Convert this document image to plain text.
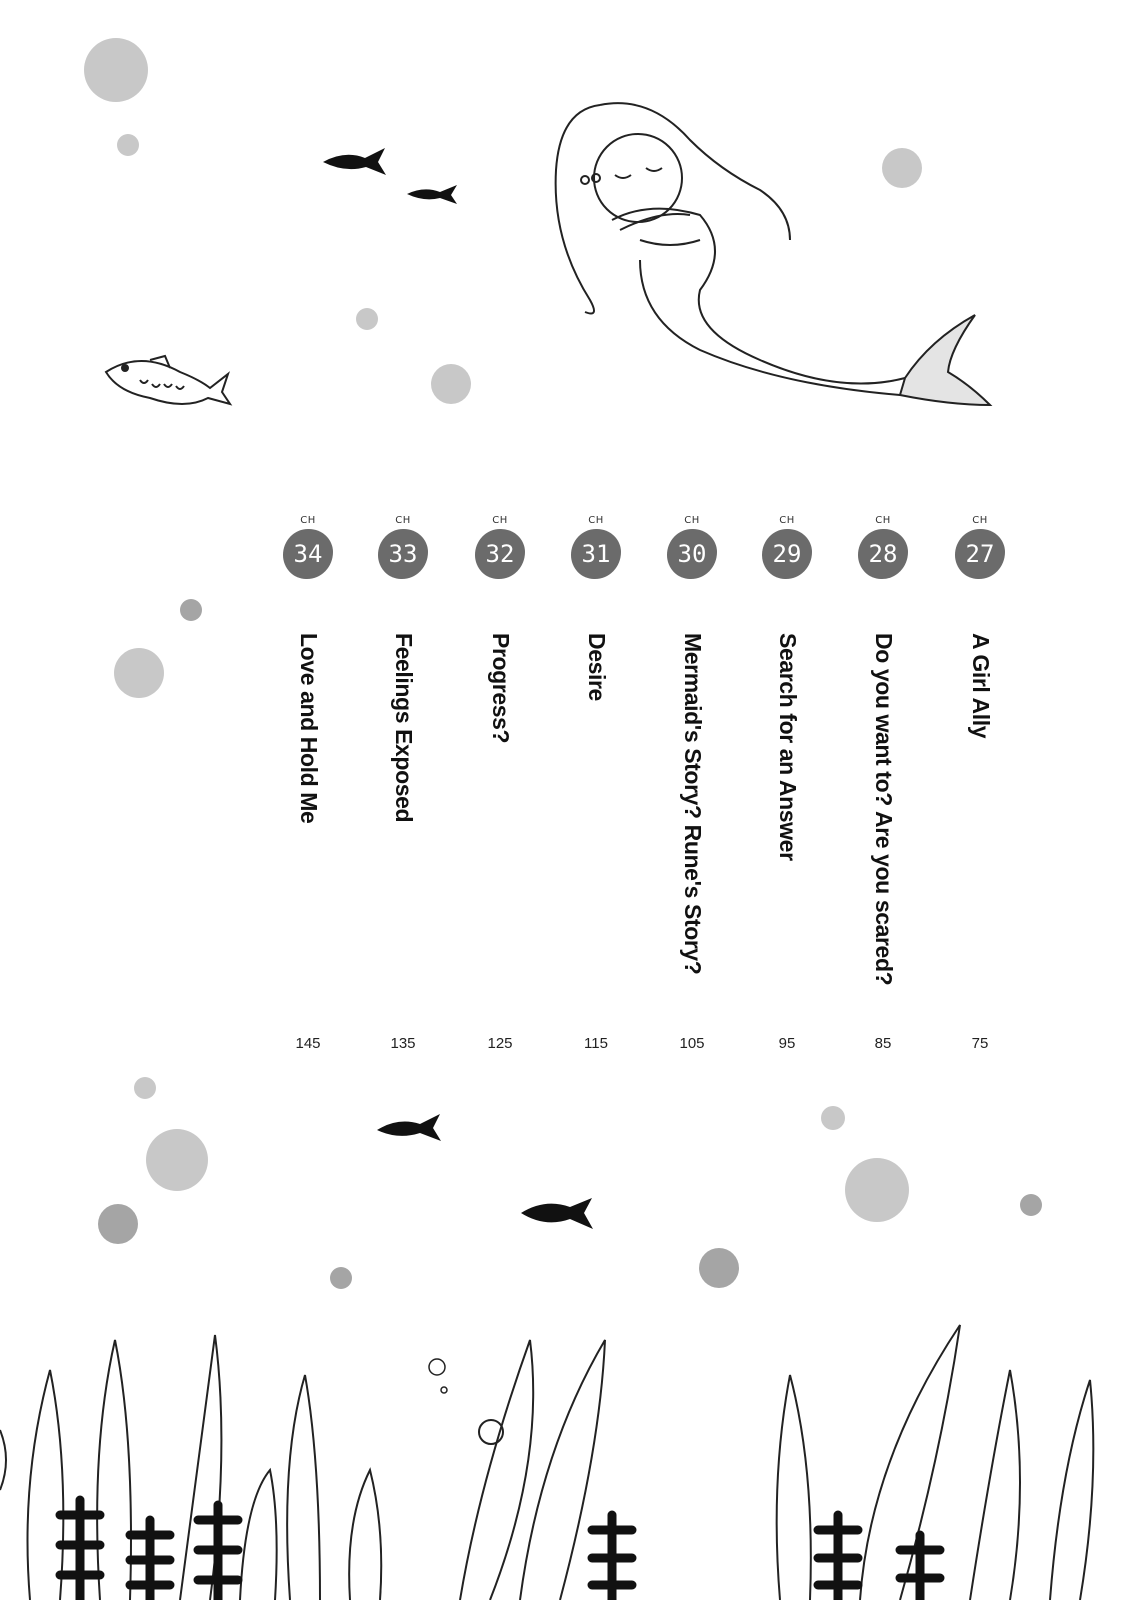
CH
34
Love and Hold Me
145
CH
33
Feelings Exposed
135
CH
32
Progress?
125
CH
31
Desire
115
CH
30
Mermaid's Story? Rune's Story?
105
CH
29
Search for an Answer
95
CH
28
Do you want to? Are you scared?
85
CH
27
A Girl Ally
75
